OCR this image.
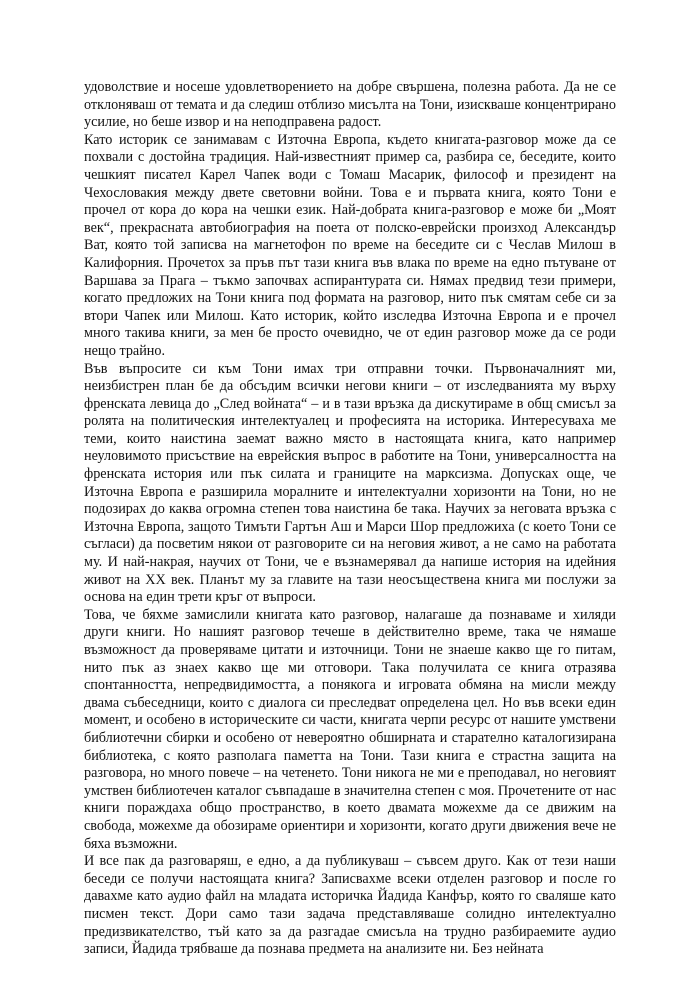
удоволствие и носеше удовлетворението на добре свършена, полезна работа. Да не се отклоняваш от темата и да следиш отблизо мисълта на Тони, изискваше концентрирано усилие, но беше извор и на неподправена радост.

Като историк се занимавам с Източна Европа, където книгата-разговор може да се похвали с достойна традиция. Най-известният пример са, разбира се, беседите, които чешкият писател Карел Чапек води с Томаш Масарик, философ и президент на Чехословакия между двете световни войни. Това е и първата книга, която Тони е прочел от кора до кора на чешки език. Най-добрата книга-разговор е може би „Моят век“, прекрасната автобиография на поета от полско-еврейски произход Александър Ват, която той записва на магнетофон по време на беседите си с Чеслав Милош в Калифорния. Прочетох за пръв път тази книга във влака по време на едно пътуване от Варшава за Прага – тъкмо започвах аспирантурата си. Нямах предвид тези примери, когато предложих на Тони книга под формата на разговор, нито пък смятам себе си за втори Чапек или Милош. Като историк, който изследва Източна Европа и е прочел много такива книги, за мен бе просто очевидно, че от един разговор може да се роди нещо трайно.

Във въпросите си към Тони имах три отправни точки. Първоначалният ми, неизбистрен план бе да обсъдим всички негови книги – от изследванията му върху френската левица до „След войната“ – и в тази връзка да дискутираме в общ смисъл за ролята на политическия интелектуалец и професията на историка. Интересуваха ме теми, които наистина заемат важно място в настоящата книга, като например неуловимото присъствие на еврейския въпрос в работите на Тони, универсалността на френската история или пък силата и границите на марксизма. Допусках още, че Източна Европа е разширила моралните и интелектуални хоризонти на Тони, но не подозирах до каква огромна степен това наистина бе така. Научих за неговата връзка с Източна Европа, защото Тимъти Гартън Аш и Марси Шор предложиха (с което Тони се съгласи) да посветим някои от разговорите си на неговия живот, а не само на работата му. И най-накрая, научих от Тони, че е възнамерявал да напише история на идейния живот на XX век. Планът му за главите на тази неосъществена книга ми послужи за основа на един трети кръг от въпроси.

Това, че бяхме замислили книгата като разговор, налагаше да познаваме и хиляди други книги. Но нашият разговор течеше в действително време, така че нямаше възможност да проверяваме цитати и източници. Тони не знаеше какво ще го питам, нито пък аз знаех какво ще ми отговори. Така получилата се книга отразява спонтанността, непредвидимостта, а понякога и игровата обмяна на мисли между двама събеседници, които с диалога си преследват определена цел. Но във всеки един момент, и особено в историческите си части, книгата черпи ресурс от нашите умствени библиотечни сбирки и особено от невероятно обширната и старателно каталогизирана библиотека, с която разполага паметта на Тони. Тази книга е страстна защита на разговора, но много повече – на четенето. Тони никога не ми е преподавал, но неговият умствен библиотечен каталог съвпадаше в значителна степен с моя. Прочетените от нас книги пораждаха общо пространство, в което двамата можехме да се движим на свобода, можехме да обозираме ориентири и хоризонти, когато други движения вече не бяха възможни.

И все пак да разговаряш, е едно, а да публикуваш – съвсем друго. Как от тези наши беседи се получи настоящата книга? Записвахме всеки отделен разговор и после го давахме като аудио файл на младата историчка Йадида Канфър, която го сваляше като писмен текст. Дори само тази задача представляваше солидно интелектуално предизвикателство, тъй като за да разгадае смисъла на трудно разбираемите аудио записи, Йадида трябваше да познава предмета на анализите ни. Без нейната
